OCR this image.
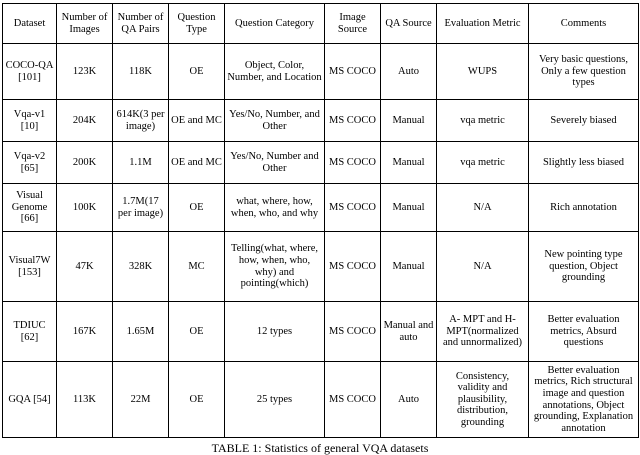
Dataset	Number of Images	Number of QA Pairs	Question Type	Question Category	Image Source	QA Source	Evaluation Metric	Comments
COCO-QA [101]	123K	118K	OE	Object, Color, Number, and Location	MS COCO	Auto	WUPS	Very basic questions, Only a few question types
Vqa-v1 [10]	204K	614K(3 per image)	OE and MC	Yes/No, Number, and Other	MS COCO	Manual	vqa metric	Severely biased
Vqa-v2 [65]	200K	1.1M	OE and MC	Yes/No, Number and Other	MS COCO	Manual	vqa metric	Slightly less biased
Visual Genome [66]	100K	1.7M(17 per image)	OE	what, where, how, when, who, and why	MS COCO	Manual	N/A	Rich annotation
Visual7W [153]	47K	328K	MC	Telling(what, where, how, when, who, why) and pointing(which)	MS COCO	Manual	N/A	New pointing type question, Object grounding
TDIUC [62]	167K	1.65M	OE	12 types	MS COCO	Manual and auto	A- MPT and H-MPT(normalized and unnormalized)	Better evaluation metrics, Absurd questions
GQA [54]	113K	22M	OE	25 types	MS COCO	Auto	Consistency, validity and plausibility, distribution, grounding	Better evaluation metrics, Rich structural image and question annotations, Object grounding, Explanation annotation
TABLE 1: Statistics of general VQA datasets
